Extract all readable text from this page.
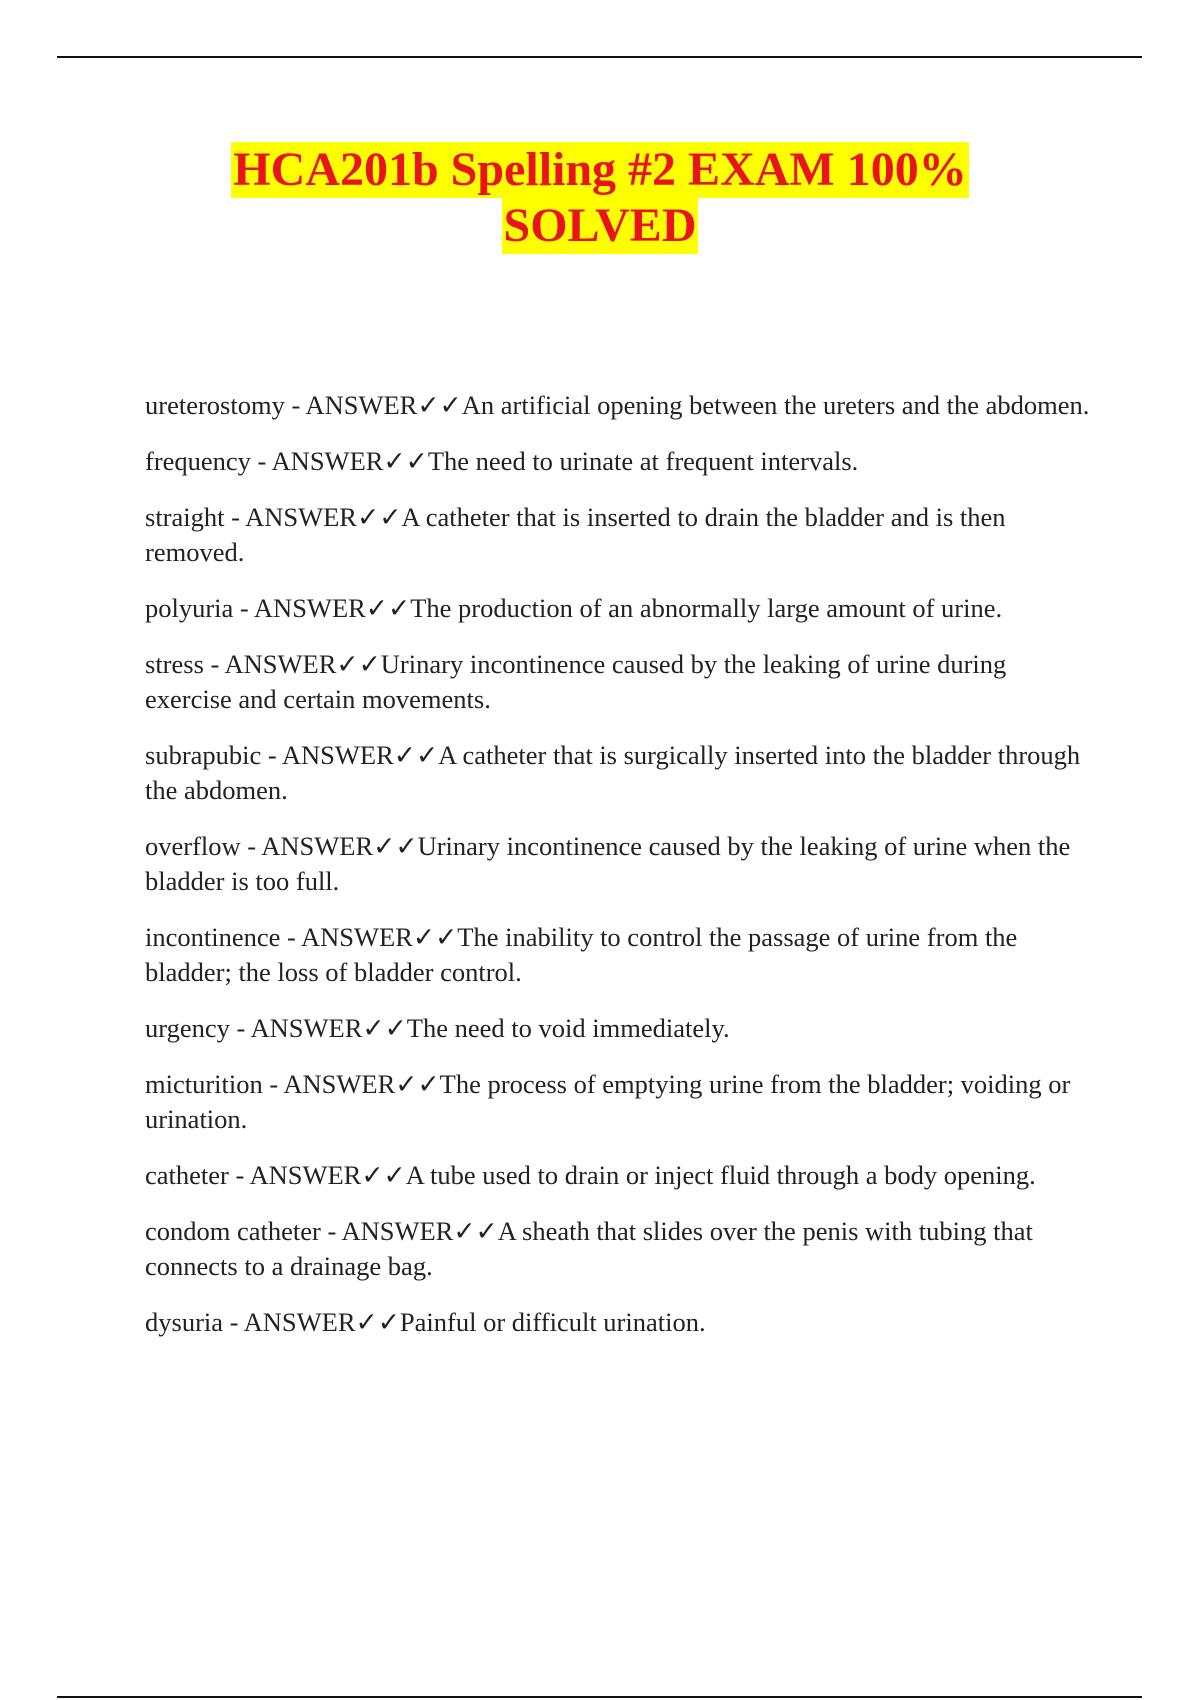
HCA201b Spelling #2 EXAM 100%
SOLVED
ureterostomy - ANSWER✓✓An artificial opening between the ureters and the abdomen.
frequency - ANSWER✓✓The need to urinate at frequent intervals.
straight - ANSWER✓✓A catheter that is inserted to drain the bladder and is then removed.
polyuria - ANSWER✓✓The production of an abnormally large amount of urine.
stress - ANSWER✓✓Urinary incontinence caused by the leaking of urine during exercise and certain movements.
subrapubic - ANSWER✓✓A catheter that is surgically inserted into the bladder through the abdomen.
overflow - ANSWER✓✓Urinary incontinence caused by the leaking of urine when the bladder is too full.
incontinence - ANSWER✓✓The inability to control the passage of urine from the bladder; the loss of bladder control.
urgency - ANSWER✓✓The need to void immediately.
micturition - ANSWER✓✓The process of emptying urine from the bladder; voiding or urination.
catheter - ANSWER✓✓A tube used to drain or inject fluid through a body opening.
condom catheter - ANSWER✓✓A sheath that slides over the penis with tubing that connects to a drainage bag.
dysuria - ANSWER✓✓Painful or difficult urination.
